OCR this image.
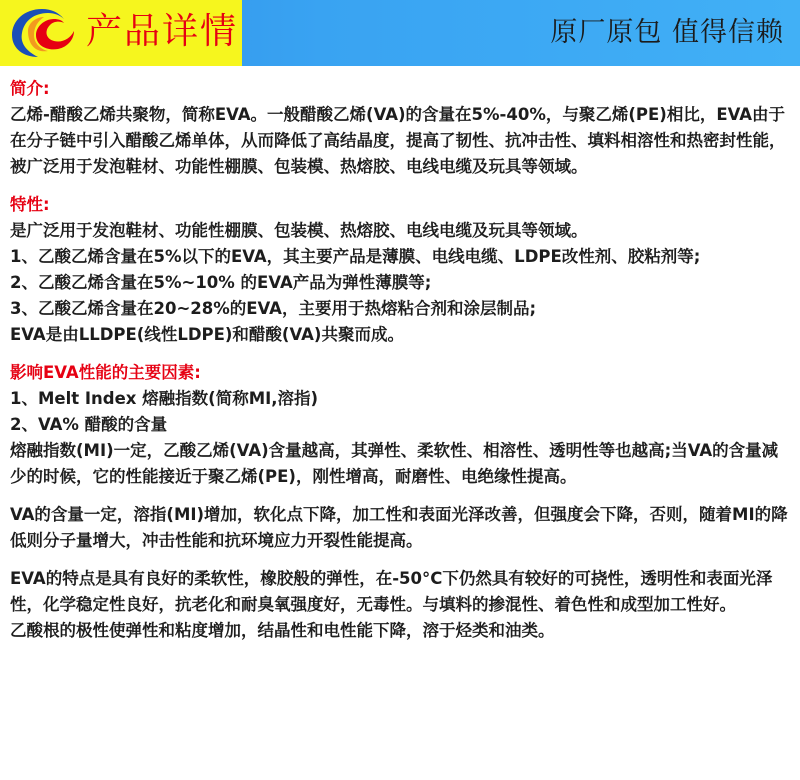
产品详情	原厂原包 值得信赖

简介:

乙烯-醋酸乙烯共聚物，简称EVA。一般醋酸乙烯(VA)的含量在5%-40%，与聚乙烯(PE)相比，EVA由于在分子链中引入醋酸乙烯单体，从而降低了高结晶度，提高了韧性、抗冲击性、填料相溶性和热密封性能，被广泛用于发泡鞋材、功能性棚膜、包装模、热熔胶、电线电缆及玩具等领域。

特性:

是广泛用于发泡鞋材、功能性棚膜、包装模、热熔胶、电线电缆及玩具等领域。

1、乙酸乙烯含量在5%以下的EVA，其主要产品是薄膜、电线电缆、LDPE改性剂、胶粘剂等;

2、乙酸乙烯含量在5%~10% 的EVA产品为弹性薄膜等;

3、乙酸乙烯含量在20~28%的EVA，主要用于热熔粘合剂和涂层制品;

EVA是由LLDPE(线性LDPE)和醋酸(VA)共聚而成。

影响EVA性能的主要因素:

1、Melt Index 熔融指数(简称MI,溶指)

2、VA% 醋酸的含量

熔融指数(MI)一定，乙酸乙烯(VA)含量越高，其弹性、柔软性、相溶性、透明性等也越高;当VA的含量减少的时候，它的性能接近于聚乙烯(PE)，刚性增高，耐磨性、电绝缘性提高。

VA的含量一定，溶指(MI)增加，软化点下降，加工性和表面光泽改善，但强度会下降，否则，随着MI的降低则分子量增大，冲击性能和抗环境应力开裂性能提高。

EVA的特点是具有良好的柔软性，橡胶般的弹性，在-50°C下仍然具有较好的可挠性，透明性和表面光泽性，化学稳定性良好，抗老化和耐臭氧强度好，无毒性。与填料的掺混性、着色性和成型加工性好。

乙酸根的极性使弹性和粘度增加，结晶性和电性能下降，溶于烃类和油类。
